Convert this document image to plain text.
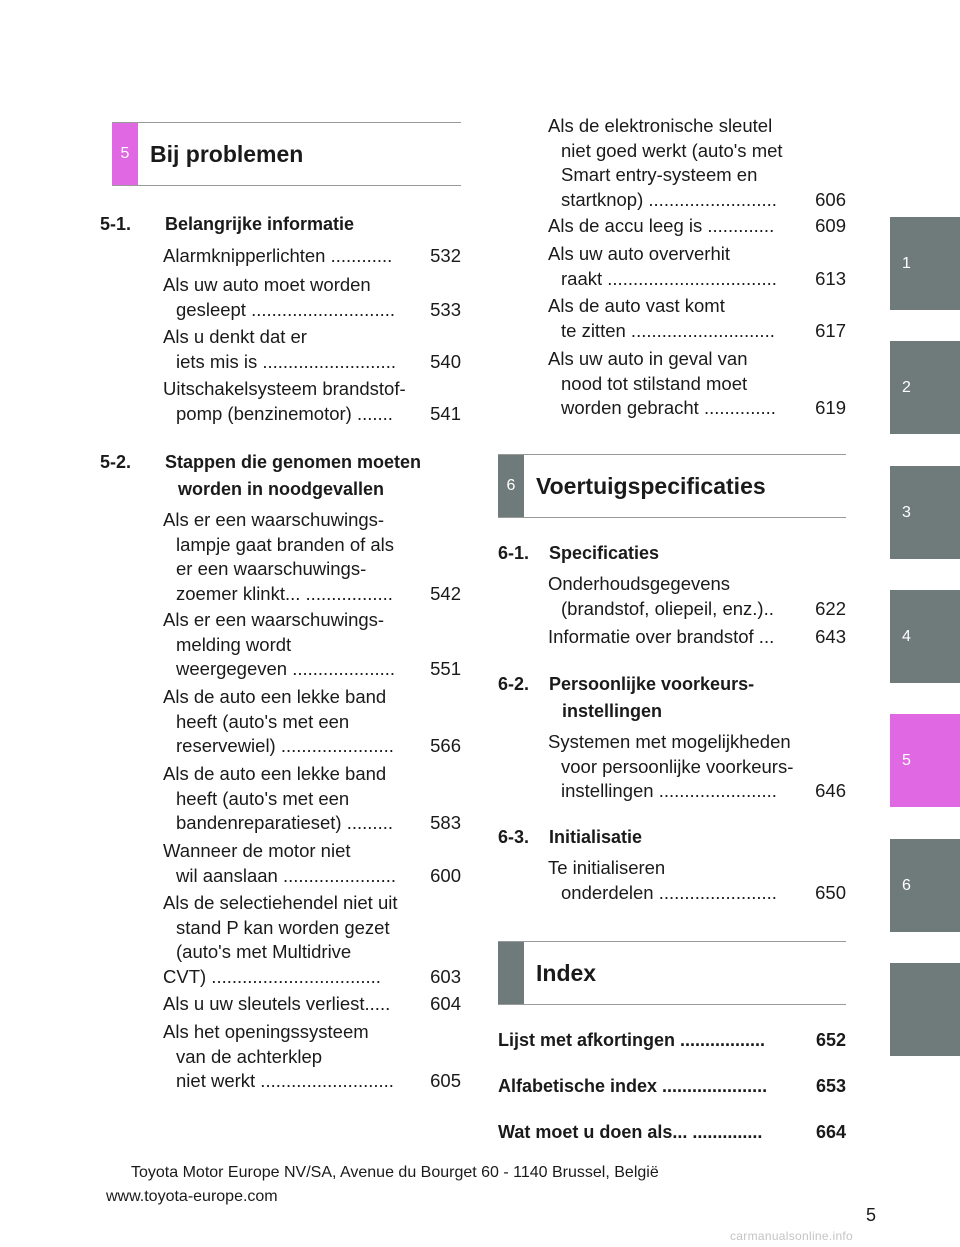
5 Bij problemen
5-1. Belangrijke informatie
Alarmknipperlichten ............ 532
Als uw auto moet worden
gesleept ............................ 533
Als u denkt dat er
iets mis is .......................... 540
Uitschakelsysteem brandstof-
pomp (benzinemotor) ....... 541
5-2. Stappen die genomen moeten
worden in noodgevallen
Als er een waarschuwings-
lampje gaat branden of als
er een waarschuwings-
zoemer klinkt... ................. 542
Als er een waarschuwings-
melding wordt
weergegeven .................... 551
Als de auto een lekke band
heeft (auto's met een
reservewiel) ...................... 566
Als de auto een lekke band
heeft (auto's met een
bandenreparatieset) ......... 583
Wanneer de motor niet
wil aanslaan ...................... 600
Als de selectiehendel niet uit
stand P kan worden gezet
(auto's met Multidrive
CVT) .................................	603
Als u uw sleutels verliest..... 604
Als het openingssysteem
van de achterklep
niet werkt .......................... 605
Als de elektronische sleutel
niet goed werkt (auto's met
Smart entry-systeem en
startknop) ......................... 606
Als de accu leeg is ............. 609
Als uw auto oververhit
raakt ................................. 613
Als de auto vast komt
te zitten ............................ 617
Als uw auto in geval van
nood tot stilstand moet
worden gebracht .............. 619
6 Voertuigspecificaties
6-1. Specificaties
Onderhoudsgegevens
(brandstof, oliepeil, enz.).. 622
Informatie over brandstof ... 643
6-2. Persoonlijke voorkeurs-
instellingen
Systemen met mogelijkheden
voor persoonlijke voorkeurs-
instellingen ....................... 646
6-3. Initialisatie
Te initialiseren
onderdelen ....................... 650
Index
Lijst met afkortingen .................	652
Alfabetische index .....................	653
Wat moet u doen als... ..............	664
1
2
3
4
5
6
Toyota Motor Europe NV/SA, Avenue du Bourget 60 - 1140 Brussel, België
www.toyota-europe.com
5
carmanualsonline.info
